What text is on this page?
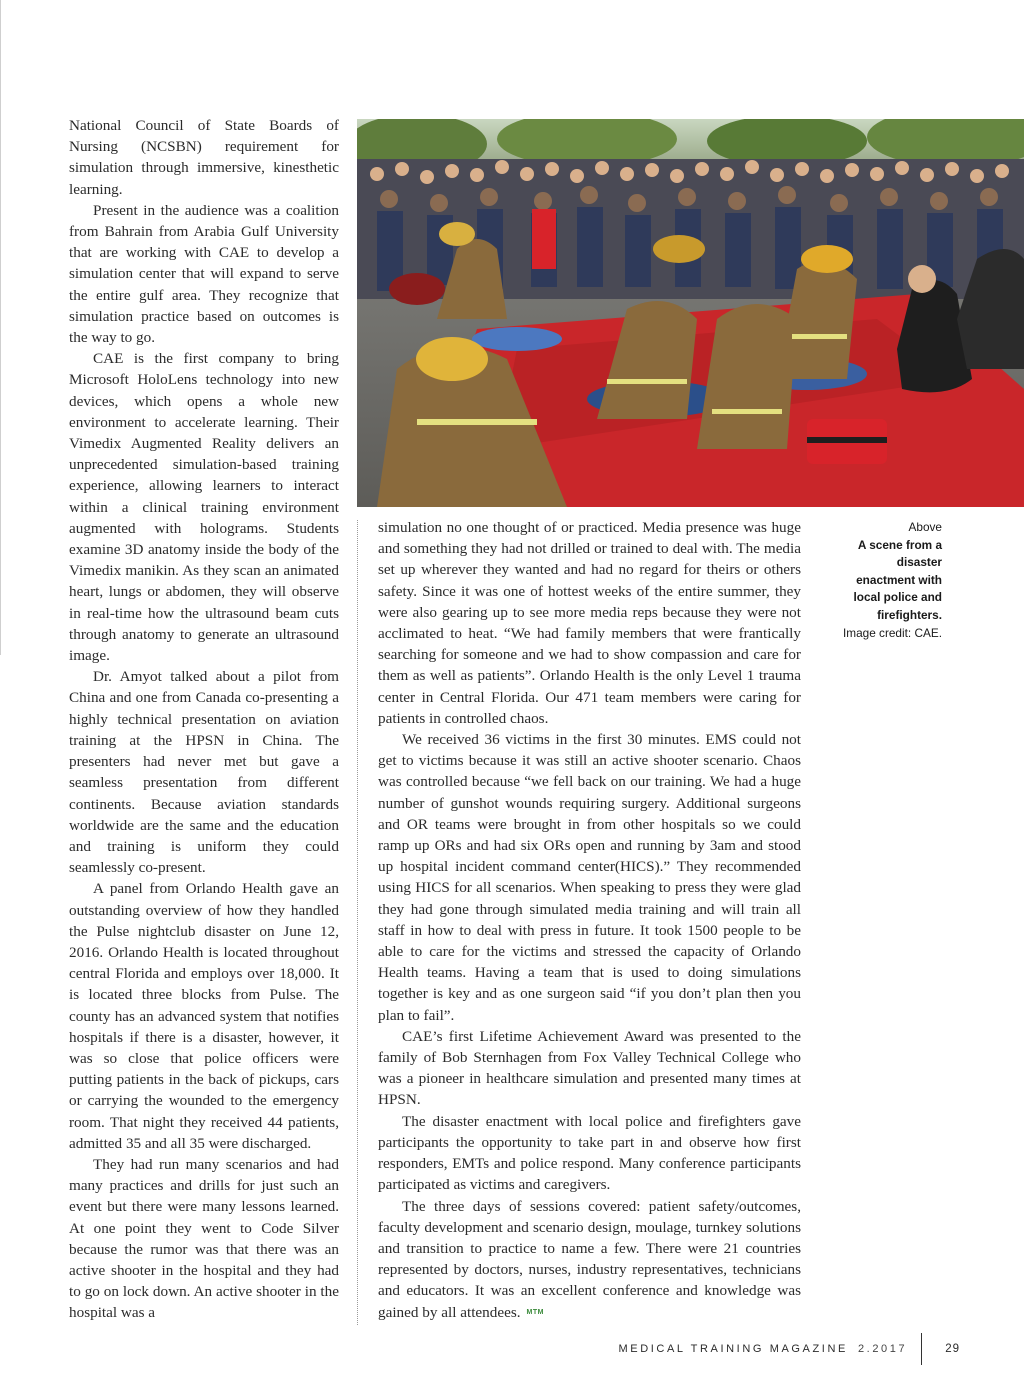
National Council of State Boards of Nursing (NCSBN) requirement for simulation through immersive, kinesthetic learning.

Present in the audience was a coalition from Bahrain from Arabia Gulf University that are working with CAE to develop a simulation center that will expand to serve the entire gulf area. They recognize that simulation practice based on outcomes is the way to go.

CAE is the first company to bring Microsoft HoloLens technology into new devices, which opens a whole new environment to accelerate learning. Their Vimedix Augmented Reality delivers an unprecedented simulation-based training experience, allowing learners to interact within a clinical training environment augmented with holograms. Students examine 3D anatomy inside the body of the Vimedix manikin. As they scan an animated heart, lungs or abdomen, they will observe in real-time how the ultrasound beam cuts through anatomy to generate an ultrasound image.

Dr. Amyot talked about a pilot from China and one from Canada co-presenting a highly technical presentation on aviation training at the HPSN in China. The presenters had never met but gave a seamless presentation from different continents. Because aviation standards worldwide are the same and the education and training is uniform they could seamlessly co-present.

A panel from Orlando Health gave an outstanding overview of how they handled the Pulse nightclub disaster on June 12, 2016. Orlando Health is located throughout central Florida and employs over 18,000. It is located three blocks from Pulse. The county has an advanced system that notifies hospitals if there is a disaster, however, it was so close that police officers were putting patients in the back of pickups, cars or carrying the wounded to the emergency room. That night they received 44 patients, admitted 35 and all 35 were discharged.

They had run many scenarios and had many practices and drills for just such an event but there were many lessons learned. At one point they went to Code Silver because the rumor was that there was an active shooter in the hospital and they had to go on lock down. An active shooter in the hospital was a

simulation no one thought of or practiced. Media presence was huge and something they had not drilled or trained to deal with. The media set up wherever they wanted and had no regard for theirs or others safety. Since it was one of hottest weeks of the entire summer, they were also gearing up to see more media reps because they were not acclimated to heat. “We had family members that were frantically searching for someone and we had to show compassion and care for them as well as patients”. Orlando Health is the only Level 1 trauma center in Central Florida. Our 471 team members were caring for patients in controlled chaos.

We received 36 victims in the first 30 minutes. EMS could not get to victims because it was still an active shooter scenario. Chaos was controlled because “we fell back on our training. We had a huge number of gunshot wounds requiring surgery. Additional surgeons and OR teams were brought in from other hospitals so we could ramp up ORs and had six ORs open and running by 3am and stood up hospital incident command center(HICS).” They recommended using HICS for all scenarios. When speaking to press they were glad they had gone through simulated media training and will train all staff in how to deal with press in future. It took 1500 people to be able to care for the victims and stressed the capacity of Orlando Health teams. Having a team that is used to doing simulations together is key and as one surgeon said “if you don’t plan then you plan to fail”.

CAE’s first Lifetime Achievement Award was presented to the family of Bob Sternhagen from Fox Valley Technical College who was a pioneer in healthcare simulation and presented many times at HPSN.

The disaster enactment with local police and firefighters gave participants the opportunity to take part in and observe how first responders, EMTs and police respond. Many conference participants participated as victims and caregivers.

The three days of sessions covered: patient safety/outcomes, faculty development and scenario design, moulage, turnkey solutions and transition to practice to name a few. There were 21 countries represented by doctors, nurses, industry representatives, technicians and educators. It was an excellent conference and knowledge was gained by all attendees. MTM

Above
A scene from a disaster enactment with local police and firefighters.
Image credit: CAE.
MEDICAL TRAINING MAGAZINE 2.2017	29
